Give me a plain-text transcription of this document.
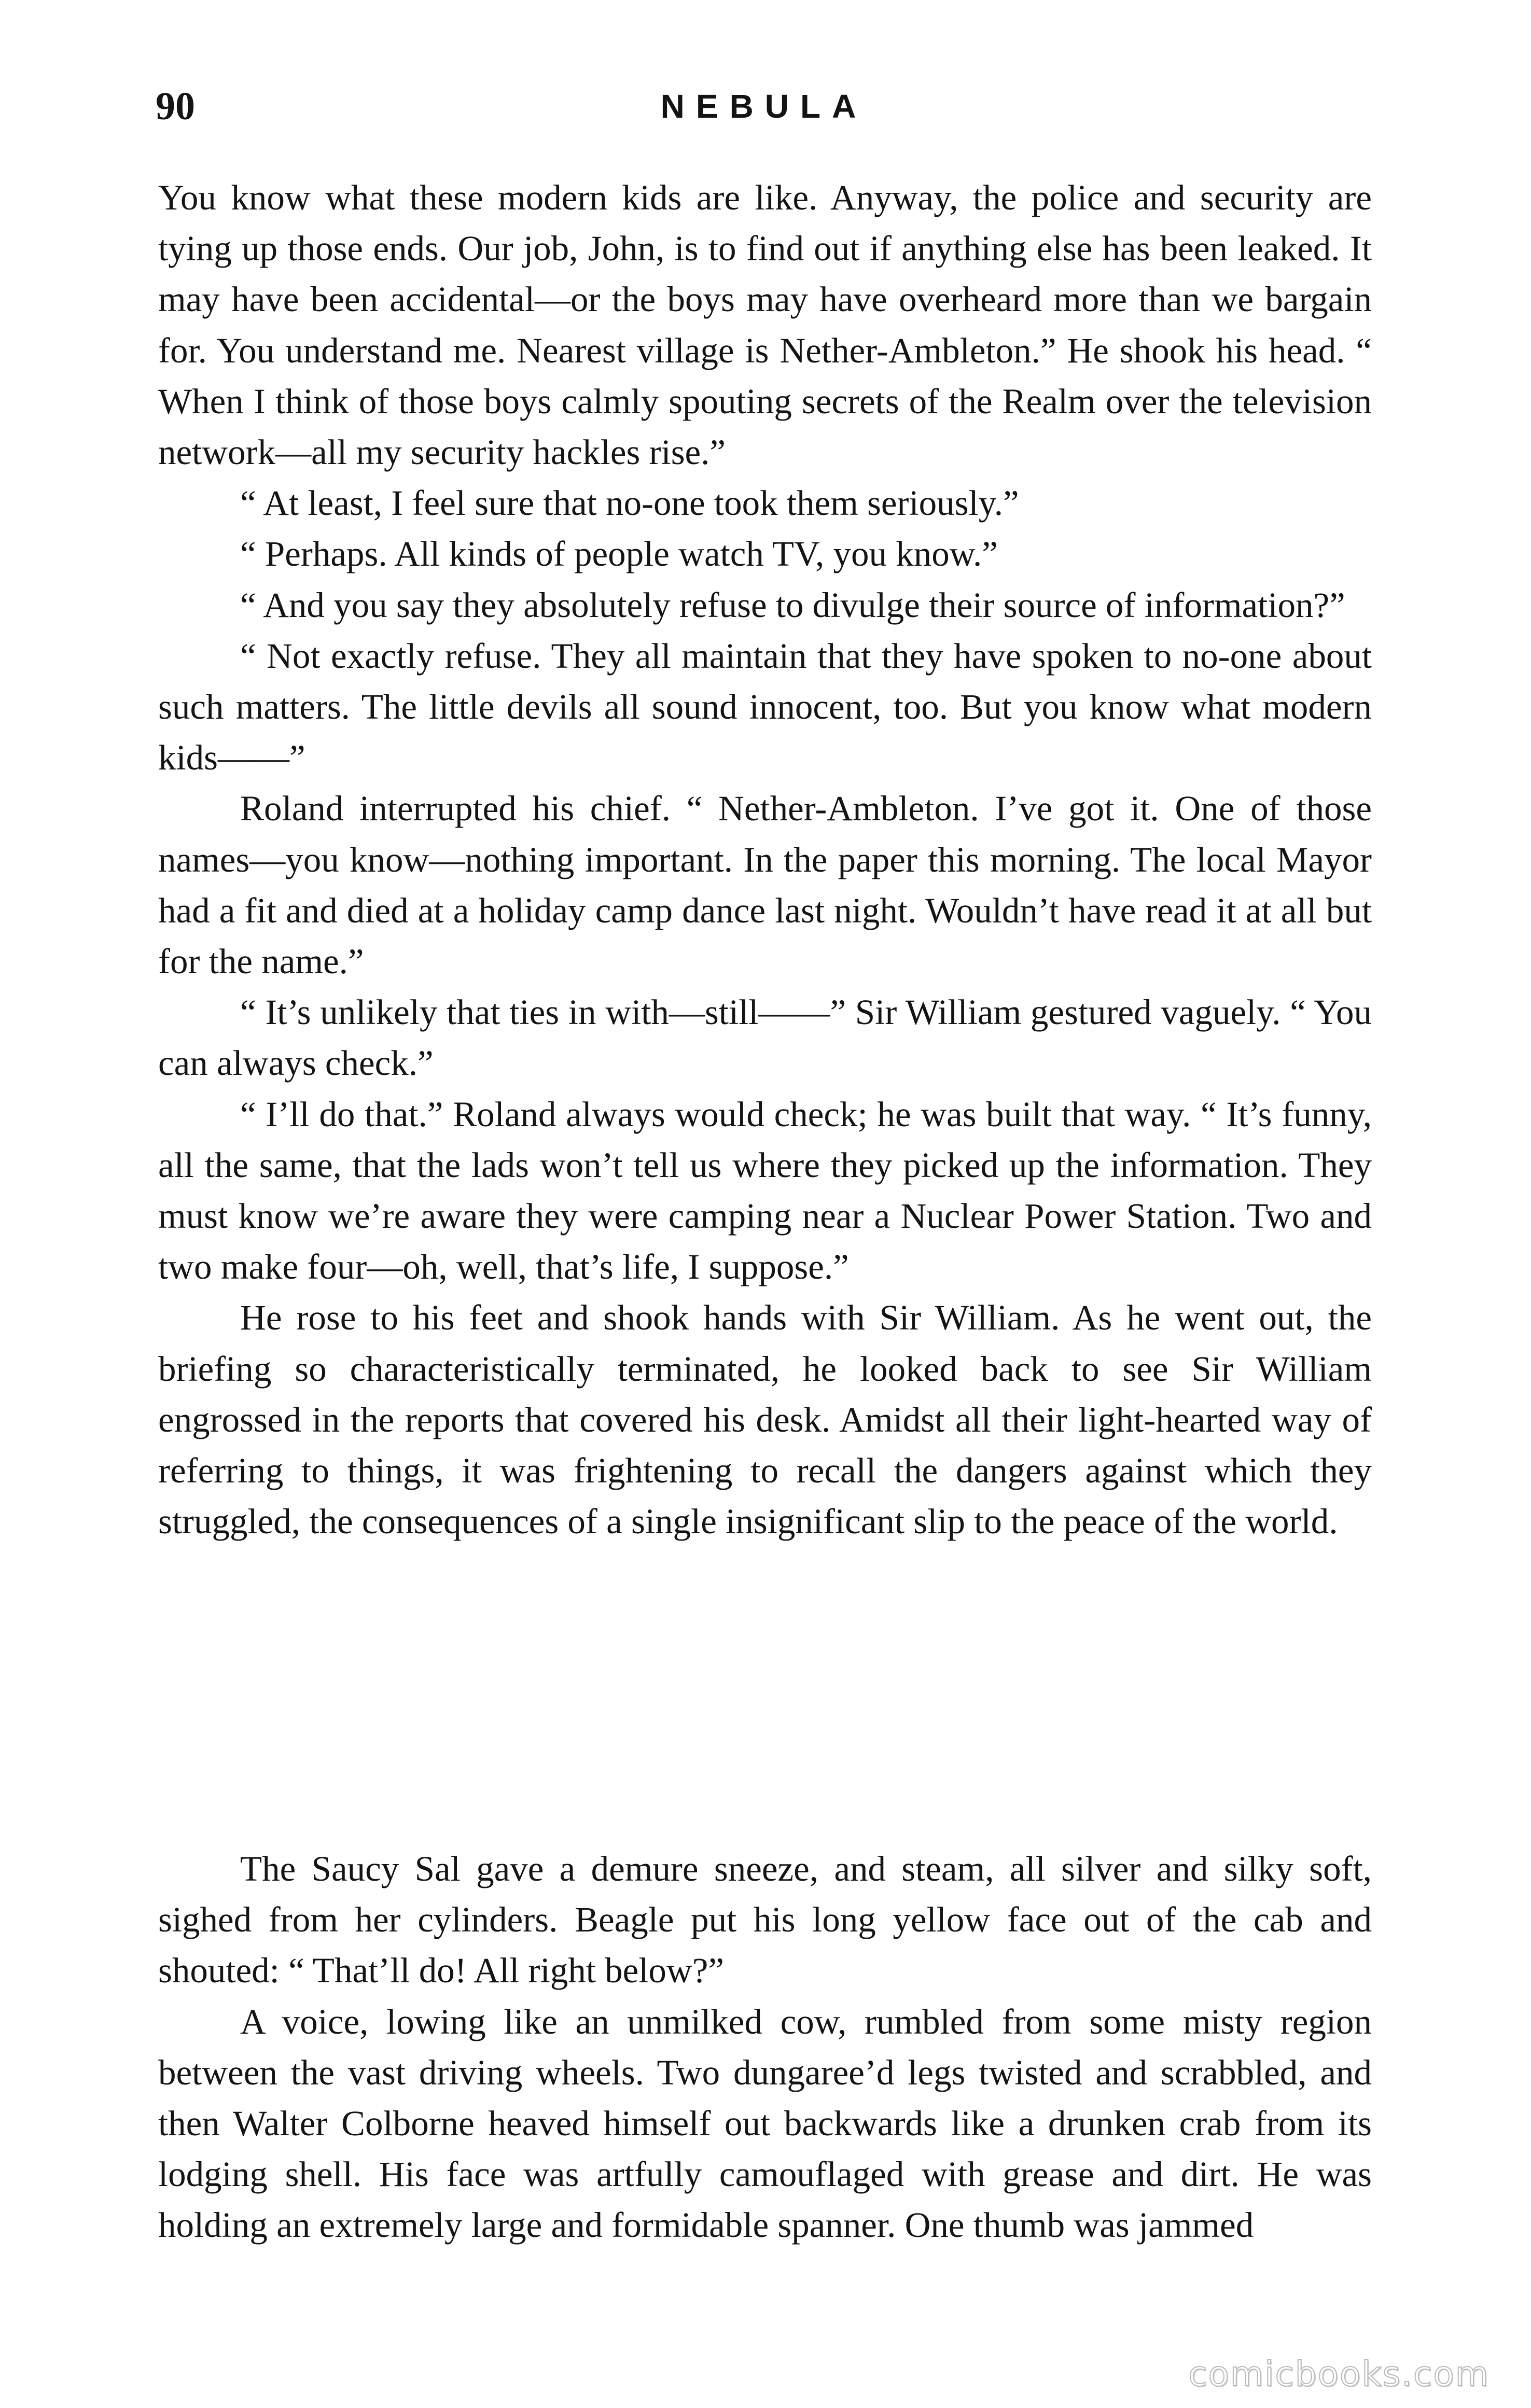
90	NEBULA

You know what these modern kids are like. Anyway, the police and security are tying up those ends. Our job, John, is to find out if anything else has been leaked. It may have been accidental—or the boys may have overheard more than we bargain for. You understand me. Nearest village is Nether-Ambleton.” He shook his head. “ When I think of those boys calmly spouting secrets of the Realm over the television network—all my security hackles rise.”

“ At least, I feel sure that no-one took them seriously.”

“ Perhaps. All kinds of people watch TV, you know.”

“ And you say they absolutely refuse to divulge their source of information?”

“ Not exactly refuse. They all maintain that they have spoken to no-one about such matters. The little devils all sound innocent, too. But you know what modern kids——”

Roland interrupted his chief. “ Nether-Ambleton. I’ve got it. One of those names—you know—nothing important. In the paper this morning. The local Mayor had a fit and died at a holiday camp dance last night. Wouldn’t have read it at all but for the name.”

“ It’s unlikely that ties in with—still——” Sir William gestured vaguely. “ You can always check.”

“ I’ll do that.” Roland always would check; he was built that way. “ It’s funny, all the same, that the lads won’t tell us where they picked up the information. They must know we’re aware they were camping near a Nuclear Power Station. Two and two make four—oh, well, that’s life, I suppose.”

He rose to his feet and shook hands with Sir William. As he went out, the briefing so characteristically terminated, he looked back to see Sir William engrossed in the reports that covered his desk. Amidst all their light-hearted way of referring to things, it was frightening to recall the dangers against which they struggled, the consequences of a single insignificant slip to the peace of the world.

The Saucy Sal gave a demure sneeze, and steam, all silver and silky soft, sighed from her cylinders. Beagle put his long yellow face out of the cab and shouted: “ That’ll do! All right below?”

A voice, lowing like an unmilked cow, rumbled from some misty region between the vast driving wheels. Two dungaree’d legs twisted and scrabbled, and then Walter Colborne heaved himself out backwards like a drunken crab from its lodging shell. His face was artfully camouflaged with grease and dirt. He was holding an extremely large and formidable spanner. One thumb was jammed

comicbooks.com
